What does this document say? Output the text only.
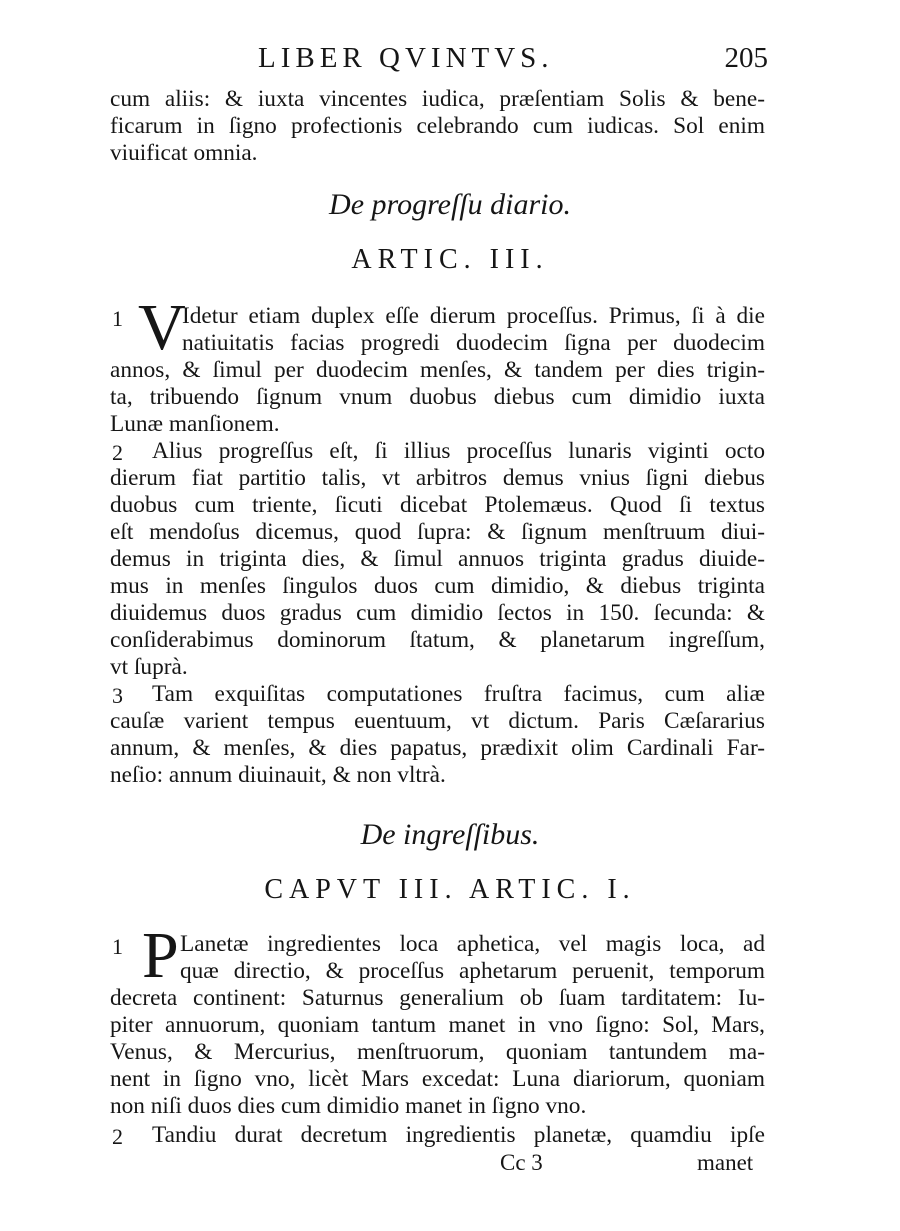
LIBER QVINTVS.	205
cum aliis: & iuxta vincentes iudica, præſentiam Solis & bene-
ficarum in ſigno profectionis celebrando cum iudicas. Sol enim
viuificat omnia.
De progreſſu diario.
ARTIC. III.
1 V
Idetur etiam duplex eſſe dierum proceſſus. Primus, ſi à die
natiuitatis facias progredi duodecim ſigna per duodecim
annos, & ſimul per duodecim menſes, & tandem per dies trigin-
ta, tribuendo ſignum vnum duobus diebus cum dimidio iuxta
Lunæ manſionem.
2 Alius progreſſus eſt, ſi illius proceſſus lunaris viginti octo
dierum fiat partitio talis, vt arbitros demus vnius ſigni diebus
duobus cum triente, ſicuti dicebat Ptolemæus. Quod ſi textus
eſt mendoſus dicemus, quod ſupra: & ſignum menſtruum diui-
demus in triginta dies, & ſimul annuos triginta gradus diuide-
mus in menſes ſingulos duos cum dimidio, & diebus triginta
diuidemus duos gradus cum dimidio ſectos in 150. ſecunda: &
conſiderabimus dominorum ſtatum, & planetarum ingreſſum,
vt ſuprà.
3 Tam exquiſitas computationes fruſtra facimus, cum aliæ
cauſæ varient tempus euentuum, vt dictum. Paris Cæſararius
annum, & menſes, & dies papatus, prædixit olim Cardinali Far-
neſio: annum diuinauit, & non vltrà.
De ingreſſibus.
CAPVT III. ARTIC. I.
1 P Lanetæ ingredientes loca aphetica, vel magis loca, ad
quæ directio, & proceſſus aphetarum peruenit, temporum
decreta continent: Saturnus generalium ob ſuam tarditatem: Iu-
piter annuorum, quoniam tantum manet in vno ſigno: Sol, Mars,
Venus, & Mercurius, menſtruorum, quoniam tantundem ma-
nent in ſigno vno, licèt Mars excedat: Luna diariorum, quoniam
non niſi duos dies cum dimidio manet in ſigno vno.
2 Tandiu durat decretum ingredientis planetæ, quamdiu ipſe
Cc 3	manet
